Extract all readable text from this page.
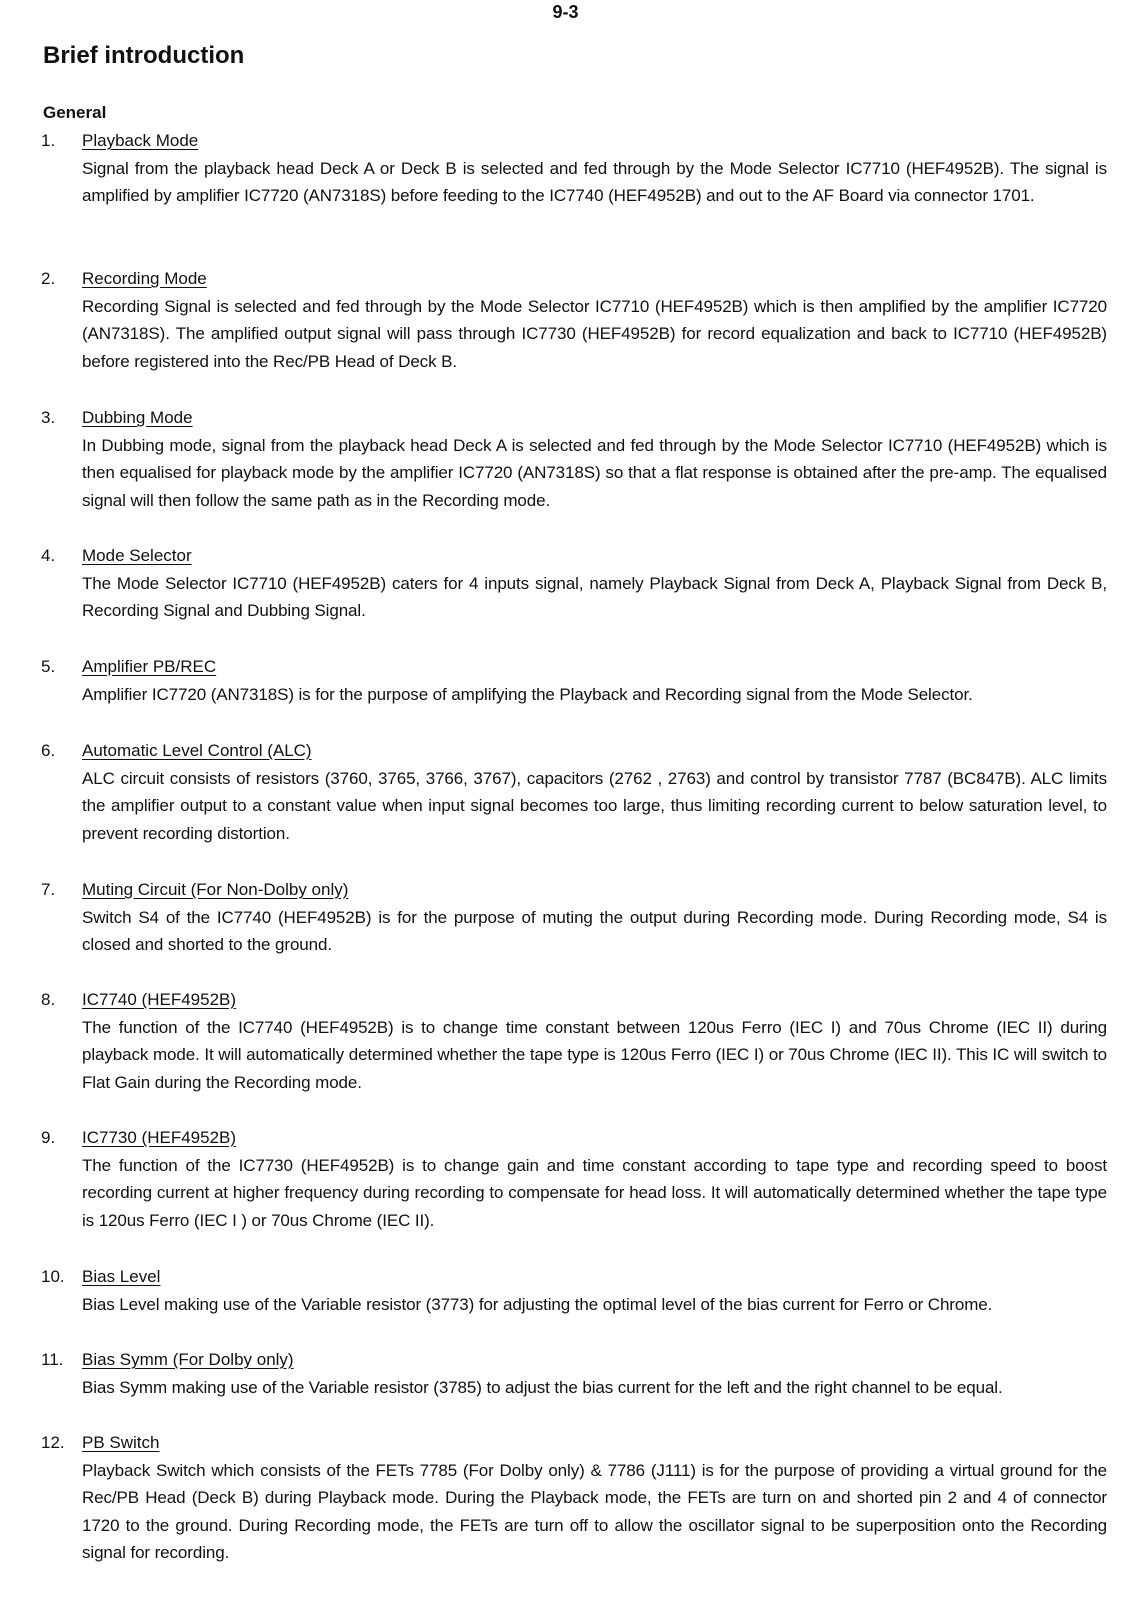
9-3
Brief introduction
General
1.	Playback Mode

Signal from the playback head Deck A or Deck B is selected and fed through by the Mode Selector IC7710 (HEF4952B). The signal is amplified by amplifier IC7720 (AN7318S) before feeding to the IC7740 (HEF4952B) and out to the AF Board via connector 1701.

2.	Recording Mode

Recording Signal is selected and fed through by the Mode Selector IC7710 (HEF4952B) which is then amplified by the amplifier IC7720 (AN7318S). The amplified output signal will pass through IC7730 (HEF4952B) for record equalization and back to IC7710 (HEF4952B) before registered into the Rec/PB Head of Deck B.

3.	Dubbing Mode

In Dubbing mode, signal from the playback head Deck A is selected and fed through by the Mode Selector IC7710 (HEF4952B) which is then equalised for playback mode by the amplifier IC7720 (AN7318S) so that a flat response is obtained after the pre-amp. The equalised signal will then follow the same path as in the Recording mode.

4.	Mode Selector

The Mode Selector IC7710 (HEF4952B) caters for 4 inputs signal, namely Playback Signal from Deck A, Playback Signal from Deck B, Recording Signal and Dubbing Signal.

5.	Amplifier PB/REC

Amplifier IC7720 (AN7318S) is for the purpose of amplifying the Playback and Recording signal from the Mode Selector.

6.	Automatic Level Control (ALC)

ALC circuit consists of resistors (3760, 3765, 3766, 3767), capacitors (2762 , 2763) and control by transistor 7787 (BC847B). ALC limits the amplifier output to a constant value when input signal becomes too large, thus limiting recording current to below saturation level, to prevent recording distortion.

7.	Muting Circuit (For Non-Dolby only)

Switch S4 of the IC7740 (HEF4952B) is for the purpose of muting the output during Recording mode. During Recording mode, S4 is closed and shorted to the ground.

8.	IC7740 (HEF4952B)

The function of the IC7740 (HEF4952B) is to change time constant between 120us Ferro (IEC I) and 70us Chrome (IEC II) during playback mode. It will automatically determined whether the tape type is 120us Ferro (IEC I) or 70us Chrome (IEC II). This IC will switch to Flat Gain during the Recording mode.

9.	IC7730 (HEF4952B)

The function of the IC7730 (HEF4952B) is to change gain and time constant according to tape type and recording speed to boost recording current at higher frequency during recording to compensate for head loss. It will automatically determined whether the tape type is 120us Ferro (IEC I ) or 70us Chrome (IEC II).

10.	Bias Level

Bias Level making use of the Variable resistor (3773) for adjusting the optimal level of the bias current for Ferro or Chrome.

11.	Bias Symm (For Dolby only)

Bias Symm making use of the Variable resistor (3785) to adjust the bias current for the left and the right channel to be equal.

12.	PB Switch

Playback Switch which consists of the FETs 7785 (For Dolby only) & 7786 (J111) is for the purpose of providing a virtual ground for the Rec/PB Head (Deck B) during Playback mode. During the Playback mode, the FETs are turn on and shorted pin 2 and 4 of connector 1720 to the ground. During Recording mode, the FETs are turn off to allow the oscillator signal to be superposition onto the Recording signal for recording.
